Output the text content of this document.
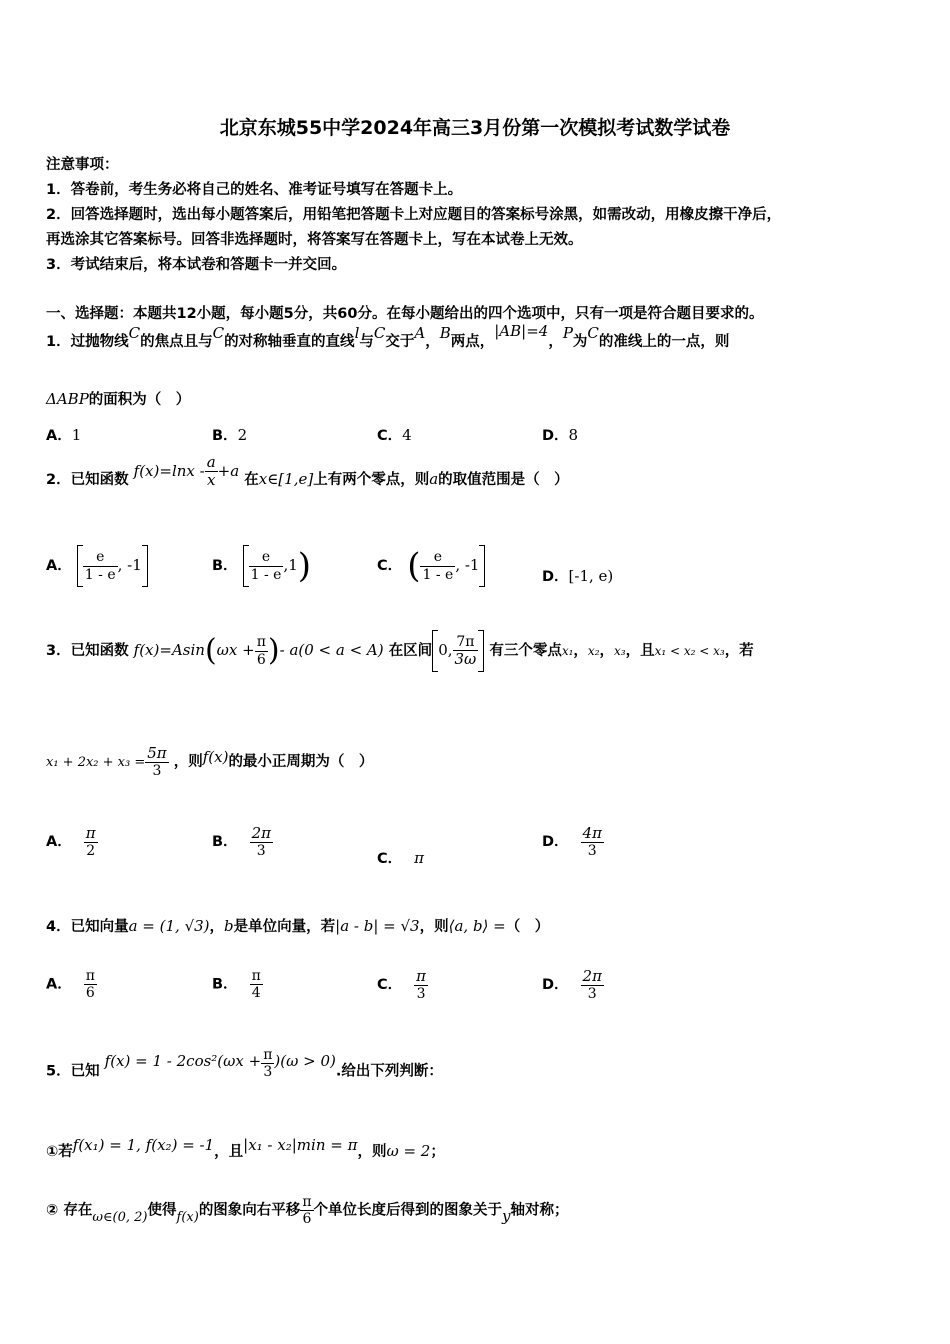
北京东城55中学2024年高三3月份第一次模拟考试数学试卷
注意事项：
1．答卷前，考生务必将自己的姓名、准考证号填写在答题卡上。
2．回答选择题时，选出每小题答案后，用铅笔把答题卡上对应题目的答案标号涂黑，如需改动，用橡皮擦干净后，
再选涂其它答案标号。回答非选择题时，将答案写在答题卡上，写在本试卷上无效。
3．考试结束后，将本试卷和答题卡一并交回。
一、选择题：本题共12小题，每小题5分，共60分。在每小题给出的四个选项中，只有一项是符合题目要求的。
1．过抛物线C的焦点且与C的对称轴垂直的直线l与C交于A，B两点，|AB|=4，P为C的准线上的一点，则
ΔABP的面积为（　）
A．1	B．2	C．4	D．8
2．已知函数 $f(x)=\ln x - \frac{a}{x} +a$ 在x∈[1,e]上有两个零点，则a的取值范围是（　）
A． $\frac{e}{1 - e}$ , -1	B． $\frac{e}{1 - e} ,1$)	C． ( $\frac{e}{1 - e}$ , -1
D．[-1, e)
3．已知函数 $f(x)=Asin(\omega x + \frac{\pi}{6}$ )- a(0 < a < A) 在区间 0, $\frac{7\pi}{3\omega}$ 有三个零点x₁，x₂，x₃，且x₁ < x₂ < x₃，若
$x_1 + 2x_2 + x_3 = \frac{5\pi}{3}$ ，则f(x)的最小正周期为（　）
A． $\frac{\pi}{2}$	B． $\frac{2\pi}{3}$	C． π
D． $\frac{4\pi}{3}$
4．已知向量a = (1, √3)，b是单位向量，若|a - b| = √3，则⟨a, b⟩ =（　）
A． $\frac{\pi}{6}$	B． $\frac{\pi}{4}$	C． $\frac{\pi}{3}$	D． $\frac{2\pi}{3}$
5．已知 $f(x) = 1 - 2\cos^2(\omega x + \frac{\pi}{3} )(\omega > 0)$.给出下列判断：
①若f(x₁) = 1, f(x₂) = -1，且|x₁ - x₂|min = π，则ω = 2；
② 存在ω∈(0, 2)使得f(x)的图象向右平移 $\frac{\pi}{6}$ 个单位长度后得到的图象关于y轴对称；
